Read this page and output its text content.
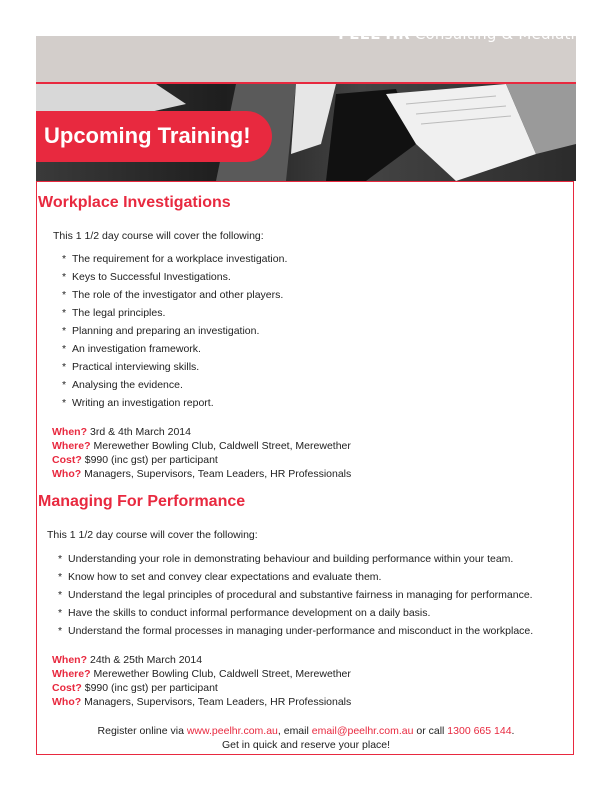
PEEL HR Consulting & Mediation
Upcoming Training!
Workplace Investigations
This 1 1/2 day course will cover the following:
* The requirement for a workplace investigation.
* Keys to Successful Investigations.
* The role of the investigator and other players.
* The legal principles.
* Planning and preparing an investigation.
* An investigation framework.
* Practical interviewing skills.
* Analysing the evidence.
* Writing an investigation report.
When? 3rd & 4th March 2014
Where? Merewether Bowling Club, Caldwell Street, Merewether
Cost? $990 (inc gst) per participant
Who? Managers, Supervisors, Team Leaders, HR Professionals
Managing For Performance
This 1 1/2 day course will cover the following:
* Understanding your role in demonstrating behaviour and building performance within your team.
* Know how to set and convey clear expectations and evaluate them.
* Understand the legal principles of procedural and substantive fairness in managing for performance.
* Have the skills to conduct informal performance development on a daily basis.
* Understand the formal processes in managing under-performance and misconduct in the workplace.
When? 24th & 25th March 2014
Where? Merewether Bowling Club, Caldwell Street, Merewether
Cost? $990 (inc gst) per participant
Who? Managers, Supervisors, Team Leaders, HR Professionals
Register online via www.peelhr.com.au, email email@peelhr.com.au or call 1300 665 144.
Get in quick and reserve your place!
